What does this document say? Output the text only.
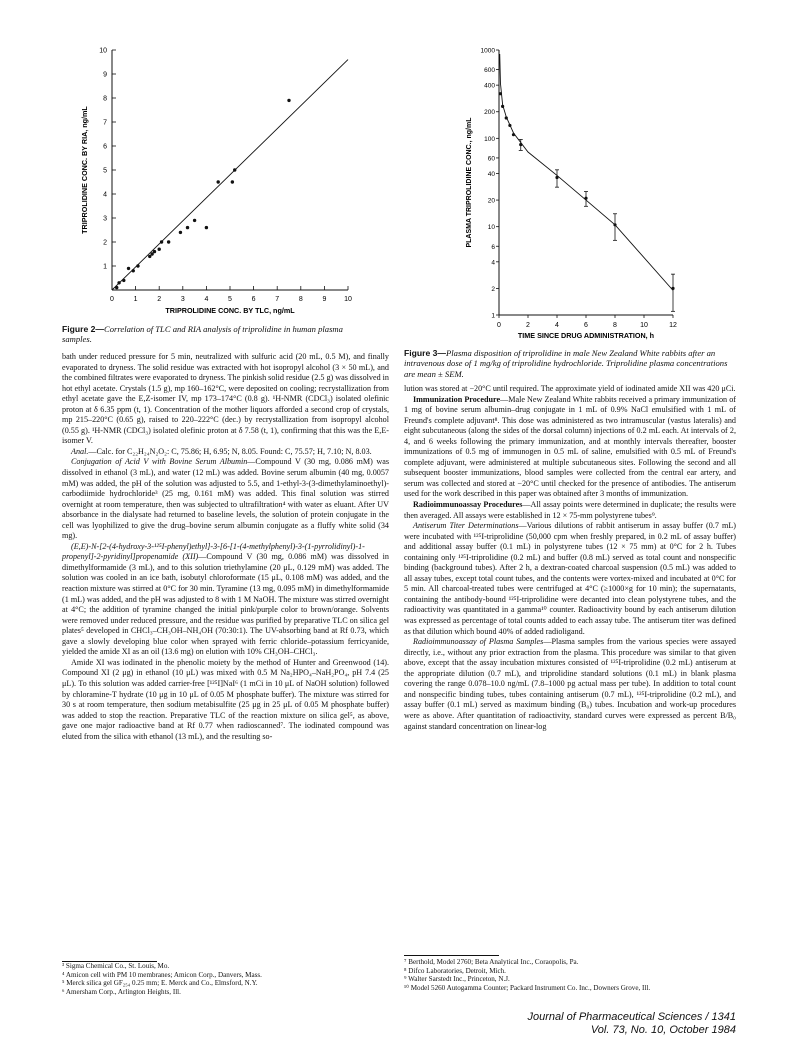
0	1	2	3	4	5	6	7	8	9	10
1
2
3
4
5
6
7
8
9
10
TRIPROLIDINE CONC. BY TLC, ng/mL
TRIPROLIDINE CONC. BY RIA, ng/mL
Figure 2—Correlation of TLC and RIA analysis of triprolidine in human plasma samples.
0	2	4	6	8	10	12
1000
600
400
200
100
60
40
20
10
6
4
2
1
TIME SINCE DRUG ADMINISTRATION, h
PLASMA TRIPROLIDINE CONC., ng/mL
Figure 3—Plasma disposition of triprolidine in male New Zealand White rabbits after an intravenous dose of 1 mg/kg of triprolidine hydrochloride. Triprolidine plasma concentrations are mean ± SEM.

bath under reduced pressure for 5 min, neutralized with sulfuric acid (20 mL, 0.5 M), and finally evaporated to dryness. The solid residue was extracted with hot isopropyl alcohol (3 × 50 mL), and the combined filtrates were evaporated to dryness. The pinkish solid residue (2.5 g) was dissolved in hot ethyl acetate. Crystals (1.5 g), mp 160–162°C, were deposited on cooling; recrystallization from ethyl acetate gave the E,Z-isomer IV, mp 173–174°C (0.8 g). ¹H-NMR (CDCl₃) isolated olefinic proton at δ 6.35 ppm (t, 1). Concentration of the mother liquors afforded a second crop of crystals, mp 215–220°C (0.65 g), raised to 220–222°C (dec.) by recrystallization from isopropyl alcohol (0.55 g). ¹H-NMR (CDCl₃) isolated olefinic proton at δ 7.58 (t, 1), confirming that this was the E,E-isomer V.

Anal.—Calc. for C₂₂H₂₄N₂O₂: C, 75.86; H, 6.95; N, 8.05. Found: C, 75.57; H, 7.10; N, 8.03.

Conjugation of Acid V with Bovine Serum Albumin—Compound V (30 mg, 0.086 mM) was dissolved in ethanol (3 mL), and water (12 mL) was added. Bovine serum albumin (40 mg, 0.0057 mM) was added, the pH of the solution was adjusted to 5.5, and 1-ethyl-3-(3-dimethylaminoethyl)-carbodiimide hydrochloride³ (25 mg, 0.161 mM) was added. This final solution was stirred overnight at room temperature, then was subjected to ultrafiltration⁴ with water as eluant. After UV absorbance in the dialysate had returned to baseline levels, the solution of protein conjugate in the cell was lyophilized to give the drug–bovine serum albumin conjugate as a fluffy white solid (34 mg).

(E,E)-N-[2-(4-hydroxy-3-¹²⁵I-phenyl)ethyl]-3-[6-[1-(4-methylphenyl)-3-(1-pyrrolidinyl)-1-propenyl]-2-pyridinyl]propenamide (XII)—Compound V (30 mg, 0.086 mM) was dissolved in dimethylformamide (3 mL), and to this solution triethylamine (20 μL, 0.129 mM) was added. The solution was cooled in an ice bath, isobutyl chloroformate (15 μL, 0.108 mM) was added, and the reaction mixture was stirred at 0°C for 30 min. Tyramine (13 mg, 0.095 mM) in dimethylformamide (1 mL) was added, and the pH was adjusted to 8 with 1 M NaOH. The mixture was stirred overnight at 4°C; the addition of tyramine changed the initial pink/purple color to brown/orange. Solvents were removed under reduced pressure, and the residue was purified by preparative TLC on silica gel plates⁵ developed in CHCl₃–CH₃OH–NH₄OH (70:30:1). The UV-absorbing band at Rf 0.73, which gave a slowly developing blue color when sprayed with ferric chloride–potassium ferricyanide, yielded the amide XI as an oil (13.6 mg) on elution with 10% CH₃OH–CHCl₃.

Amide XI was iodinated in the phenolic moiety by the method of Hunter and Greenwood (14). Compound XI (2 μg) in ethanol (10 μL) was mixed with 0.5 M Na₂HPO₄–NaH₂PO₄, pH 7.4 (25 μL). To this solution was added carrier-free [¹²⁵I]NaI⁶ (1 mCi in 10 μL of NaOH solution) followed by chloramine-T hydrate (10 μg in 10 μL of 0.05 M phosphate buffer). The mixture was stirred for 30 s at room temperature, then sodium metabisulfite (25 μg in 25 μL of 0.05 M phosphate buffer) was added to stop the reaction. Preparative TLC of the reaction mixture on silica gel⁵, as above, gave one major radioactive band at Rf 0.77 when radioscanned⁷. The iodinated compound was eluted from the silica with ethanol (13 mL), and the resulting so-

³ Sigma Chemical Co., St. Louis, Mo.
⁴ Amicon cell with PM 10 membranes; Amicon Corp., Danvers, Mass.
⁵ Merck silica gel GF₂₅₄ 0.25 mm; E. Merck and Co., Elmsford, N.Y.
⁶ Amersham Corp., Arlington Heights, Ill.

lution was stored at −20°C until required. The approximate yield of iodinated amide XII was 420 μCi.

Immunization Procedure—Male New Zealand White rabbits received a primary immunization of 1 mg of bovine serum albumin–drug conjugate in 1 mL of 0.9% NaCl emulsified with 1 mL of Freund's complete adjuvant⁸. This dose was administered as two intramuscular (vastus lateralis) and eight subcutaneous (along the sides of the dorsal column) injections of 0.2 mL each. At intervals of 2, 4, and 6 weeks following the primary immunization, and at monthly intervals thereafter, booster immunizations of 0.5 mg of immunogen in 0.5 mL of saline, emulsified with 0.5 mL of Freund's complete adjuvant, were administered at multiple subcutaneous sites. Following the second and all subsequent booster immunizations, blood samples were collected from the central ear artery, and serum was collected and stored at −20°C until checked for the presence of antibodies. The antiserum used for the work described in this paper was obtained after 3 months of immunization.

Radioimmunoassay Procedures—All assay points were determined in duplicate; the results were then averaged. All assays were established in 12 × 75-mm polystyrene tubes⁹.

Antiserum Titer Determinations—Various dilutions of rabbit antiserum in assay buffer (0.7 mL) were incubated with ¹²⁵I-triprolidine (50,000 cpm when freshly prepared, in 0.2 mL of assay buffer) and additional assay buffer (0.1 mL) in polystyrene tubes (12 × 75 mm) at 0°C for 2 h. Tubes containing only ¹²⁵I-triprolidine (0.2 mL) and buffer (0.8 mL) served as total count and nonspecific binding (background tubes). After 2 h, a dextran-coated charcoal suspension (0.5 mL) was added to all assay tubes, except total count tubes, and the contents were vortex-mixed and incubated at 0°C for 5 min. All charcoal-treated tubes were centrifuged at 4°C (≥1000×g for 10 min); the supernatants, containing the antibody-bound ¹²⁵I-triprolidine were decanted into clean polystyrene tubes, and the radioactivity was quantitated in a gamma¹⁰ counter. Radioactivity bound by each antiserum dilution was expressed as percentage of total counts added to each assay tube. The antiserum titer was defined as that dilution which bound 40% of added radioligand.

Radioimmunoassay of Plasma Samples—Plasma samples from the various species were assayed directly, i.e., without any prior extraction from the plasma. This procedure was similar to that given above, except that the assay incubation mixtures consisted of ¹²⁵I-triprolidine (0.2 mL) antiserum at the appropriate dilution (0.7 mL), and triprolidine standard solutions (0.1 mL) in blank plasma covering the range 0.078–10.0 ng/mL (7.8–1000 pg actual mass per tube). In addition to total count and nonspecific binding tubes, tubes containing antiserum (0.7 mL), ¹²⁵I-triprolidine (0.2 mL), and assay buffer (0.1 mL) served as maximum binding (B₀) tubes. Incubation and work-up procedures were as above. After quantitation of radioactivity, standard curves were expressed as percent B/B₀ against standard concentration on linear-log

⁷ Berthold, Model 2760; Beta Analytical Inc., Coraopolis, Pa.
⁸ Difco Laboratories, Detroit, Mich.
⁹ Walter Sarstedt Inc., Princeton, N.J.
¹⁰ Model 5260 Autogamma Counter; Packard Instrument Co. Inc., Downers Grove, Ill.
Journal of Pharmaceutical Sciences / 1341
Vol. 73, No. 10, October 1984
